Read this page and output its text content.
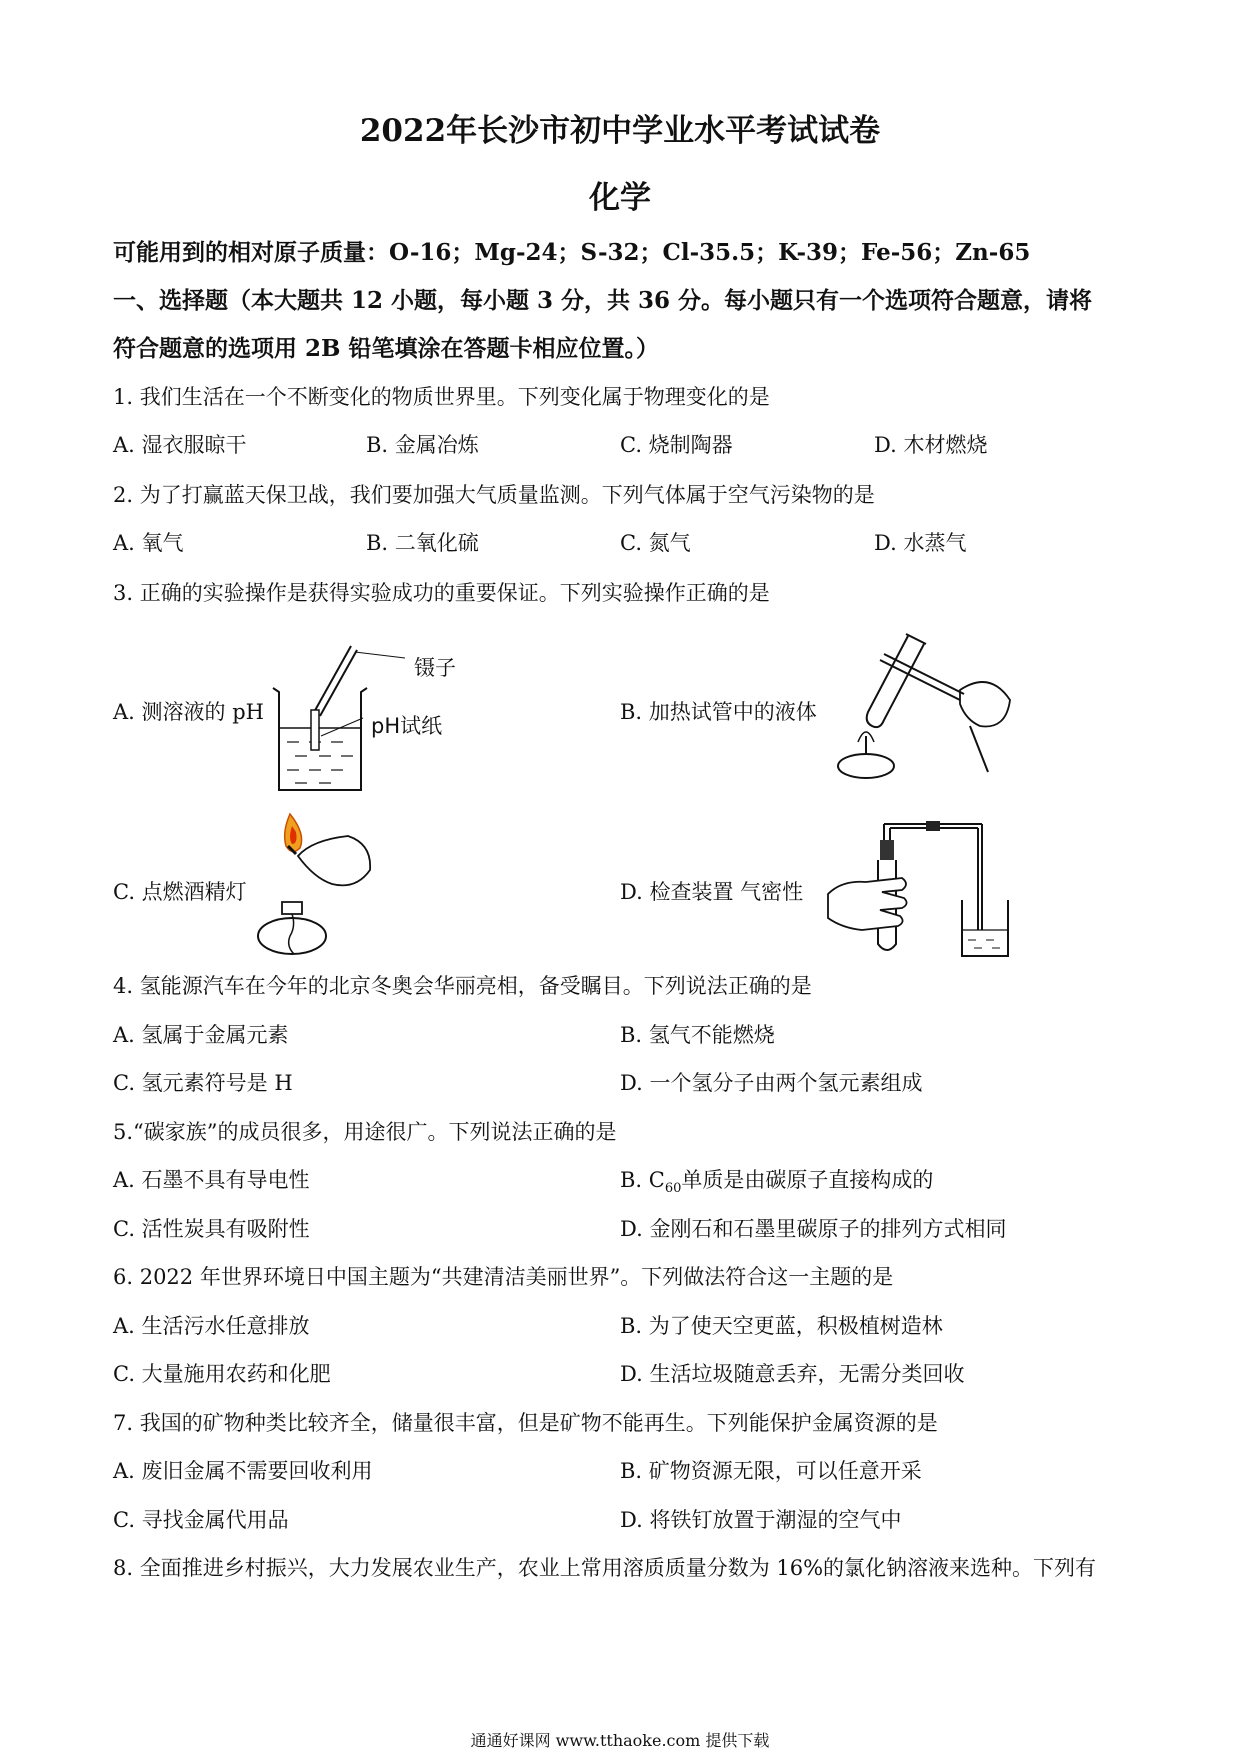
2022年长沙市初中学业水平考试试卷
化学
可能用到的相对原子质量：O-16；Mg-24；S-32；Cl-35.5；K-39；Fe-56；Zn-65
一、选择题（本大题共 12 小题，每小题 3 分，共 36 分。每小题只有一个选项符合题意，请将
符合题意的选项用 2B 铅笔填涂在答题卡相应位置。）
1. 我们生活在一个不断变化的物质世界里。下列变化属于物理变化的是
A. 湿衣服晾干	B. 金属冶炼	C. 烧制陶器	D. 木材燃烧
2. 为了打赢蓝天保卫战，我们要加强大气质量监测。下列气体属于空气污染物的是
A. 氧气	B. 二氧化硫	C. 氮气	D. 水蒸气
3. 正确的实验操作是获得实验成功的重要保证。下列实验操作正确的是
A. 测溶液的 pH	B. 加热试管中的液体
C. 点燃酒精灯	D. 检查装置 气密性
镊子
pH试纸
4. 氢能源汽车在今年的北京冬奥会华丽亮相，备受瞩目。下列说法正确的是
A. 氢属于金属元素	B. 氢气不能燃烧
C. 氢元素符号是 H	D. 一个氢分子由两个氢元素组成
5.“碳家族”的成员很多，用途很广。下列说法正确的是
A. 石墨不具有导电性	B. $C_{60}$单质是由碳原子直接构成的
C. 活性炭具有吸附性	D. 金刚石和石墨里碳原子的排列方式相同
6. 2022 年世界环境日中国主题为“共建清洁美丽世界”。下列做法符合这一主题的是
A. 生活污水任意排放	B. 为了使天空更蓝，积极植树造林
C. 大量施用农药和化肥	D. 生活垃圾随意丢弃，无需分类回收
7. 我国的矿物种类比较齐全，储量很丰富，但是矿物不能再生。下列能保护金属资源的是
A. 废旧金属不需要回收利用	B. 矿物资源无限，可以任意开采
C. 寻找金属代用品	D. 将铁钉放置于潮湿的空气中
8. 全面推进乡村振兴，大力发展农业生产，农业上常用溶质质量分数为 16%的氯化钠溶液来选种。下列有
通通好课网 www.tthaoke.com 提供下载
